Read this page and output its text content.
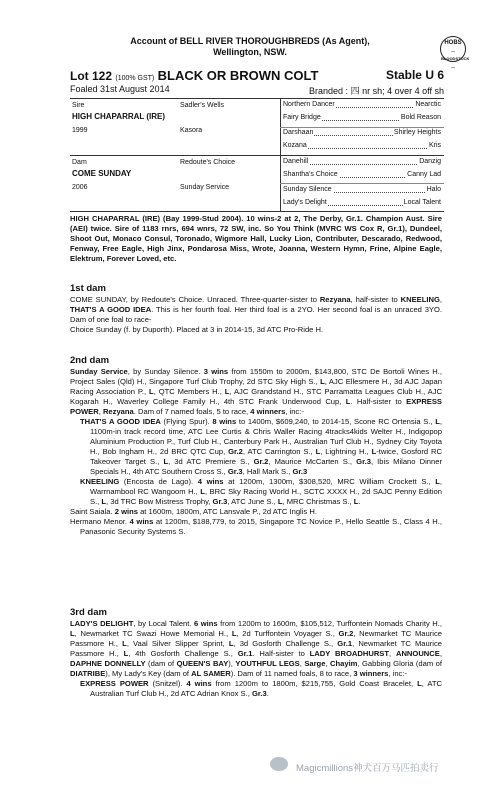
Account of BELL RIVER THOROUGHBREDS (As Agent),
Wellington, NSW.
HOBS
— BLOODSTOCK —
Lot 122 (100% GST) BLACK OR BROWN COLT	Stable U 6
Foaled 31st August 2014	Branded : 四 nr sh; 4 over 4 off sh
Sire	Sadler's Wells
HIGH CHAPARRAL (IRE)
1999	Kasora
Dam	Redoute's Choice
COME SUNDAY
2006	Sunday Service
Northern Dancer	Nearctic
Fairy Bridge	Bold Reason
Darshaan	Shirley Heights
Kozana	Kris
Danehill	Danzig
Shantha's Choice	Canny Lad
Sunday Silence	Halo
Lady's Delight	Local Talent
HIGH CHAPARRAL (IRE) (Bay 1999-Stud 2004). 10 wins-2 at 2, The Derby, Gr.1. Champion Aust. Sire (AEI) twice. Sire of 1183 rnrs, 694 wnrs, 72 SW, inc. So You Think (MVRC WS Cox R, Gr.1), Dundeel, Shoot Out, Monaco Consul, Toronado, Wigmore Hall, Lucky Lion, Contributer, Descarado, Redwood, Fenway, Free Eagle, High Jinx, Pondarosa Miss, Wrote, Joanna, Western Hymn, Frine, Alpine Eagle, Elektrum, Forever Loved, etc.
1st dam

COME SUNDAY, by Redoute's Choice. Unraced. Three-quarter-sister to Rezyana, half-sister to KNEELING, THAT'S A GOOD IDEA. This is her fourth foal. Her third foal is a 2YO. Her second foal is an unraced 3YO. Dam of one foal to race-

Choice Sunday (f. by Duporth). Placed at 3 in 2014-15, 3d ATC Pro-Ride H.

2nd dam

Sunday Service, by Sunday Silence. 3 wins from 1550m to 2000m, $143,800, STC De Bortoli Wines H., Project Sales (Qld) H., Singapore Turf Club Trophy, 2d STC Sky High S., L, AJC Ellesmere H., 3d AJC Japan Racing Association P., L, QTC Members H., L, AJC Grandstand H., STC Parramatta Leagues Club H., AJC Kogarah H., Waverley College Family H., 4th STC Frank Underwood Cup, L. Half-sister to EXPRESS POWER, Rezyana. Dam of 7 named foals, 5 to race, 4 winners, inc:-

THAT'S A GOOD IDEA (Flying Spur). 8 wins to 1400m, $609,240, to 2014-15, Scone RC Ortensia S., L, 1100m-in track record time, ATC Lee Curtis & Chris Waller Racing 4tracks4kids Welter H., Indigopop Aluminium Production P., Turf Club H., Canterbury Park H., Australian Turf Club H., Sydney City Toyota H., Bob Ingham H., 2d BRC QTC Cup, Gr.2, ATC Carrington S., L, Lightning H., L-twice, Gosford RC Takeover Target S., L, 3d ATC Premiere S., Gr.2, Maurice McCarten S., Gr.3, Ibis Milano Dinner Specials H., 4th ATC Southern Cross S., Gr.3, Hall Mark S., Gr.3

KNEELING (Encosta de Lago). 4 wins at 1200m, 1300m, $308,520, MRC William Crockett S., L, Warrnambool RC Wangoom H., L, BRC Sky Racing World H., SCTC XXXX H., 2d SAJC Penny Edition S., L, 3d TRC Bow Mistress Trophy, Gr.3, ATC June S., L, MRC Christmas S., L.

Saint Saiala. 2 wins at 1600m, 1800m, ATC Lansvale P., 2d ATC Inglis H.

Hermano Menor. 4 wins at 1200m, $188,779, to 2015, Singapore TC Novice P., Hello Seattle S., Class 4 H., Panasonic Security Systems S.

3rd dam

LADY'S DELIGHT, by Local Talent. 6 wins from 1200m to 1600m, $105,512, Turffontein Nomads Charity H., L, Newmarket TC Swazi Howe Memorial H., L, 2d Turffontein Voyager S., Gr.2, Newmarket TC Maurice Passmore H., L, Vaal Silver Slipper Sprint, L, 3d Gosforth Challenge S., Gr.1, Newmarket TC Maurice Passmore H., L, 4th Gosforth Challenge S., Gr.1. Half-sister to LADY BROADHURST, ANNOUNCE, DAPHNE DONNELLY (dam of QUEEN'S BAY), YOUTHFUL LEGS, Sarge, Chayim, Gabbing Gloria (dam of DIATRIBE), My Lady's Key (dam of AL SAMER). Dam of 11 named foals, 8 to race, 3 winners, inc:-

EXPRESS POWER (Snitzel). 4 wins from 1200m to 1800m, $215,755, Gold Coast Bracelet, L, ATC Australian Turf Club H., 2d ATC Adrian Knox S., Gr.3.

Magicmillions神犬百万马匹拍卖行
